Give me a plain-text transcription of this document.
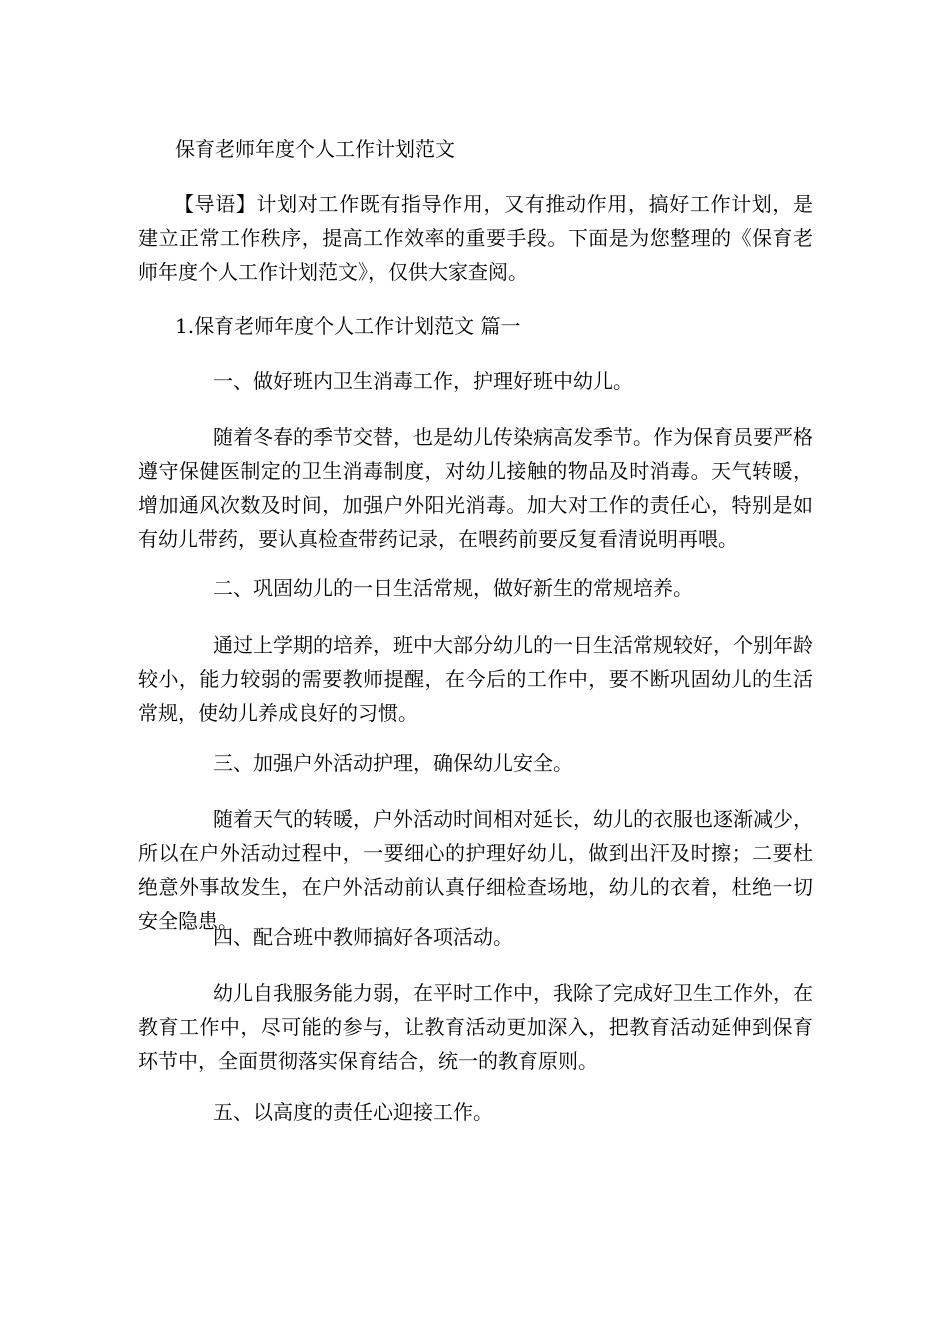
保育老师年度个人工作计划范文

【导语】计划对工作既有指导作用，又有推动作用，搞好工作计划，是建立正常工作秩序，提高工作效率的重要手段。下面是为您整理的《保育老师年度个人工作计划范文》，仅供大家查阅。

1.保育老师年度个人工作计划范文 篇一
一、做好班内卫生消毒工作，护理好班中幼儿。

随着冬春的季节交替，也是幼儿传染病高发季节。作为保育员要严格遵守保健医制定的卫生消毒制度，对幼儿接触的物品及时消毒。天气转暖，增加通风次数及时间，加强户外阳光消毒。加大对工作的责任心，特别是如有幼儿带药，要认真检查带药记录，在喂药前要反复看清说明再喂。

二、巩固幼儿的一日生活常规，做好新生的常规培养。

通过上学期的培养，班中大部分幼儿的一日生活常规较好，个别年龄较小，能力较弱的需要教师提醒，在今后的工作中，要不断巩固幼儿的生活常规，使幼儿养成良好的习惯。

三、加强户外活动护理，确保幼儿安全。

随着天气的转暖，户外活动时间相对延长，幼儿的衣服也逐渐减少，所以在户外活动过程中，一要细心的护理好幼儿，做到出汗及时擦；二要杜绝意外事故发生，在户外活动前认真仔细检查场地，幼儿的衣着，杜绝一切安全隐患。

四、配合班中教师搞好各项活动。

幼儿自我服务能力弱，在平时工作中，我除了完成好卫生工作外，在教育工作中，尽可能的参与，让教育活动更加深入，把教育活动延伸到保育环节中，全面贯彻落实保育结合，统一的教育原则。

五、以高度的责任心迎接工作。
